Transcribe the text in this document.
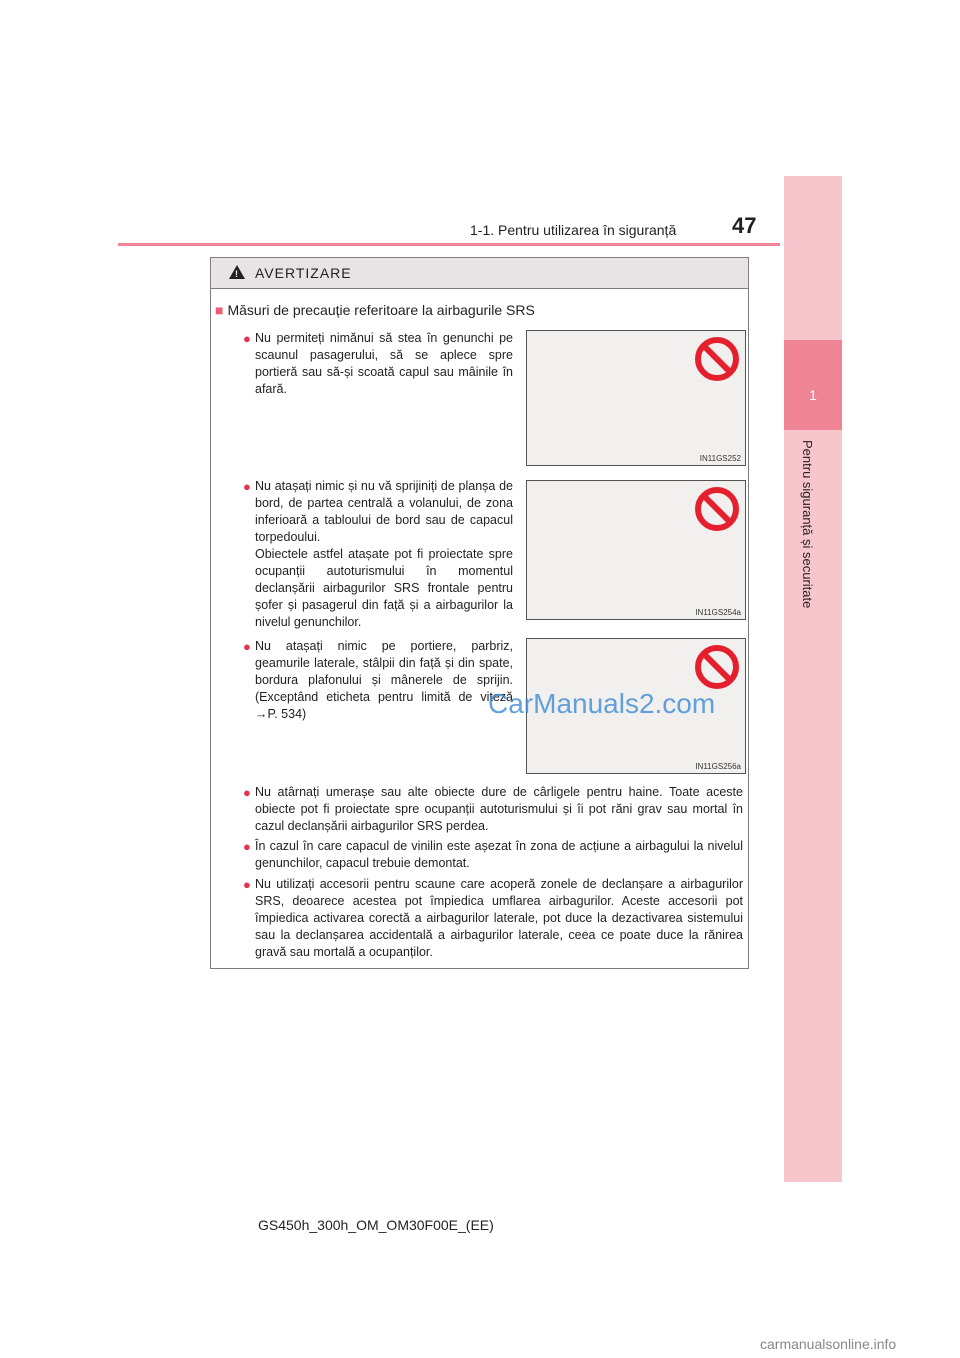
1
Pentru siguranță și securitate
1-1. Pentru utilizarea în siguranță	47
! AVERTIZARE
■ Măsuri de precauție referitoare la airbagurile SRS
● Nu permiteți nimănui să stea în genunchi pe scaunul pasagerului, să se aplece spre portieră sau să-și scoată capul sau mâinile în afară.
IN11GS252
● Nu atașați nimic și nu vă sprijiniți de planșa de bord, de partea centrală a volanului, de zona inferioară a tabloului de bord sau de capacul torpedoului.
Obiectele astfel atașate pot fi proiectate spre ocupanții autoturismului în momentul declanșării airbagurilor SRS frontale pentru șofer și pasagerul din față și a airbagurilor la nivelul genunchilor.
IN11GS254a
● Nu atașați nimic pe portiere, parbriz, geamurile laterale, stâlpii din față și din spate, bordura plafonului și mânerele de sprijin. (Exceptând eticheta pentru limită de viteză →P. 534)
IN11GS256a
● Nu atârnați umerașe sau alte obiecte dure de cârligele pentru haine. Toate aceste obiecte pot fi proiectate spre ocupanții autoturismului și îi pot răni grav sau mortal în cazul declanșării airbagurilor SRS perdea.
● În cazul în care capacul de vinilin este așezat în zona de acțiune a airbagului la nivelul genunchilor, capacul trebuie demontat.
● Nu utilizați accesorii pentru scaune care acoperă zonele de declanșare a airbagurilor SRS, deoarece acestea pot împiedica umflarea airbagurilor. Aceste accesorii pot împiedica activarea corectă a airbagurilor laterale, pot duce la dezactivarea sistemului sau la declanșarea accidentală a airbagurilor laterale, ceea ce poate duce la rănirea gravă sau mortală a ocupanților.
CarManuals2.com
GS450h_300h_OM_OM30F00E_(EE)
carmanualsonline.info
